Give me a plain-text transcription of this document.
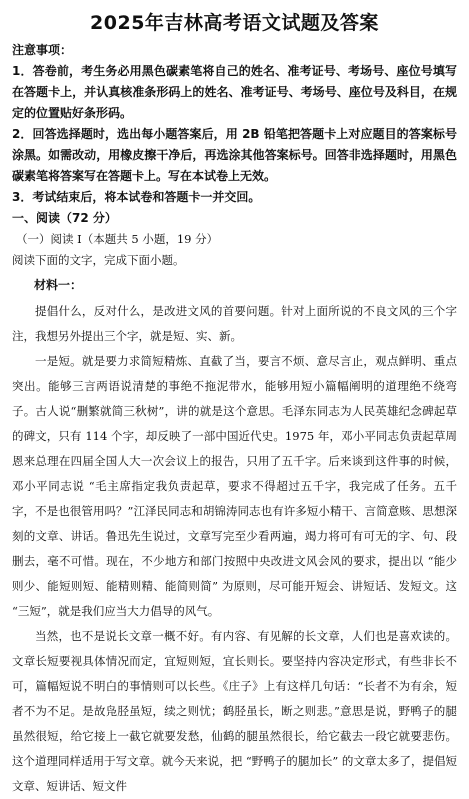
2025年吉林高考语文试题及答案
注意事项：
1．答卷前，考生务必用黑色碳素笔将自己的姓名、准考证号、考场号、座位号填写在答题卡上，并认真核准条形码上的姓名、准考证号、考场号、座位号及科目，在规定的位置贴好条形码。
2．回答选择题时，选出每小题答案后，用 2B 铅笔把答题卡上对应题目的答案标号涂黑。如需改动，用橡皮擦干净后，再选涂其他答案标号。回答非选择题时，用黑色碳素笔将答案写在答题卡上。写在本试卷上无效。
3．考试结束后，将本试卷和答题卡一并交回。
一、阅读（72 分）
（一）阅读 I（本题共 5 小题，19 分）
阅读下面的文字，完成下面小题。
材料一：

提倡什么，反对什么，是改进文风的首要问题。针对上面所说的不良文风的三个字注，我想另外提出三个字，就是短、实、新。

一是短。就是要力求简短精炼、直截了当，要言不烦、意尽言止，观点鲜明、重点突出。能够三言两语说清楚的事绝不拖泥带水，能够用短小篇幅阐明的道理绝不绕弯子。古人说“删繁就简三秋树”，讲的就是这个意思。毛泽东同志为人民英雄纪念碑起草的碑文，只有 114 个字，却反映了一部中国近代史。1975 年，邓小平同志负责起草周恩来总理在四届全国人大一次会议上的报告，只用了五千字。后来谈到这件事的时候，邓小平同志说 “毛主席指定我负责起草，要求不得超过五千字，我完成了任务。五千字，不是也很管用吗？”江泽民同志和胡锦涛同志也有许多短小精干、言简意赅、思想深刻的文章、讲话。鲁迅先生说过，文章写完至少看两遍，竭力将可有可无的字、句、段删去，毫不可惜。现在，不少地方和部门按照中央改进文风会风的要求，提出以 “能少则少、能短则短、能精则精、能简则简” 为原则，尽可能开短会、讲短话、发短文。这 “三短”，就是我们应当大力倡导的风气。

当然，也不是说长文章一概不好。有内容、有见解的长文章，人们也是喜欢读的。文章长短要视具体情况而定，宜短则短，宜长则长。要坚持内容决定形式，有些非长不可，篇幅短说不明白的事情则可以长些。《庄子》上有这样几句话：“长者不为有余，短者不为不足。是故凫胫虽短，续之则忧；鹤胫虽长，断之则悲。”意思是说，野鸭子的腿虽然很短，给它接上一截它就要发愁，仙鹤的腿虽然很长，给它截去一段它就要悲伤。这个道理同样适用于写文章。就今天来说，把 “野鸭子的腿加长” 的文章太多了，提倡短文章、短讲话、短文件
